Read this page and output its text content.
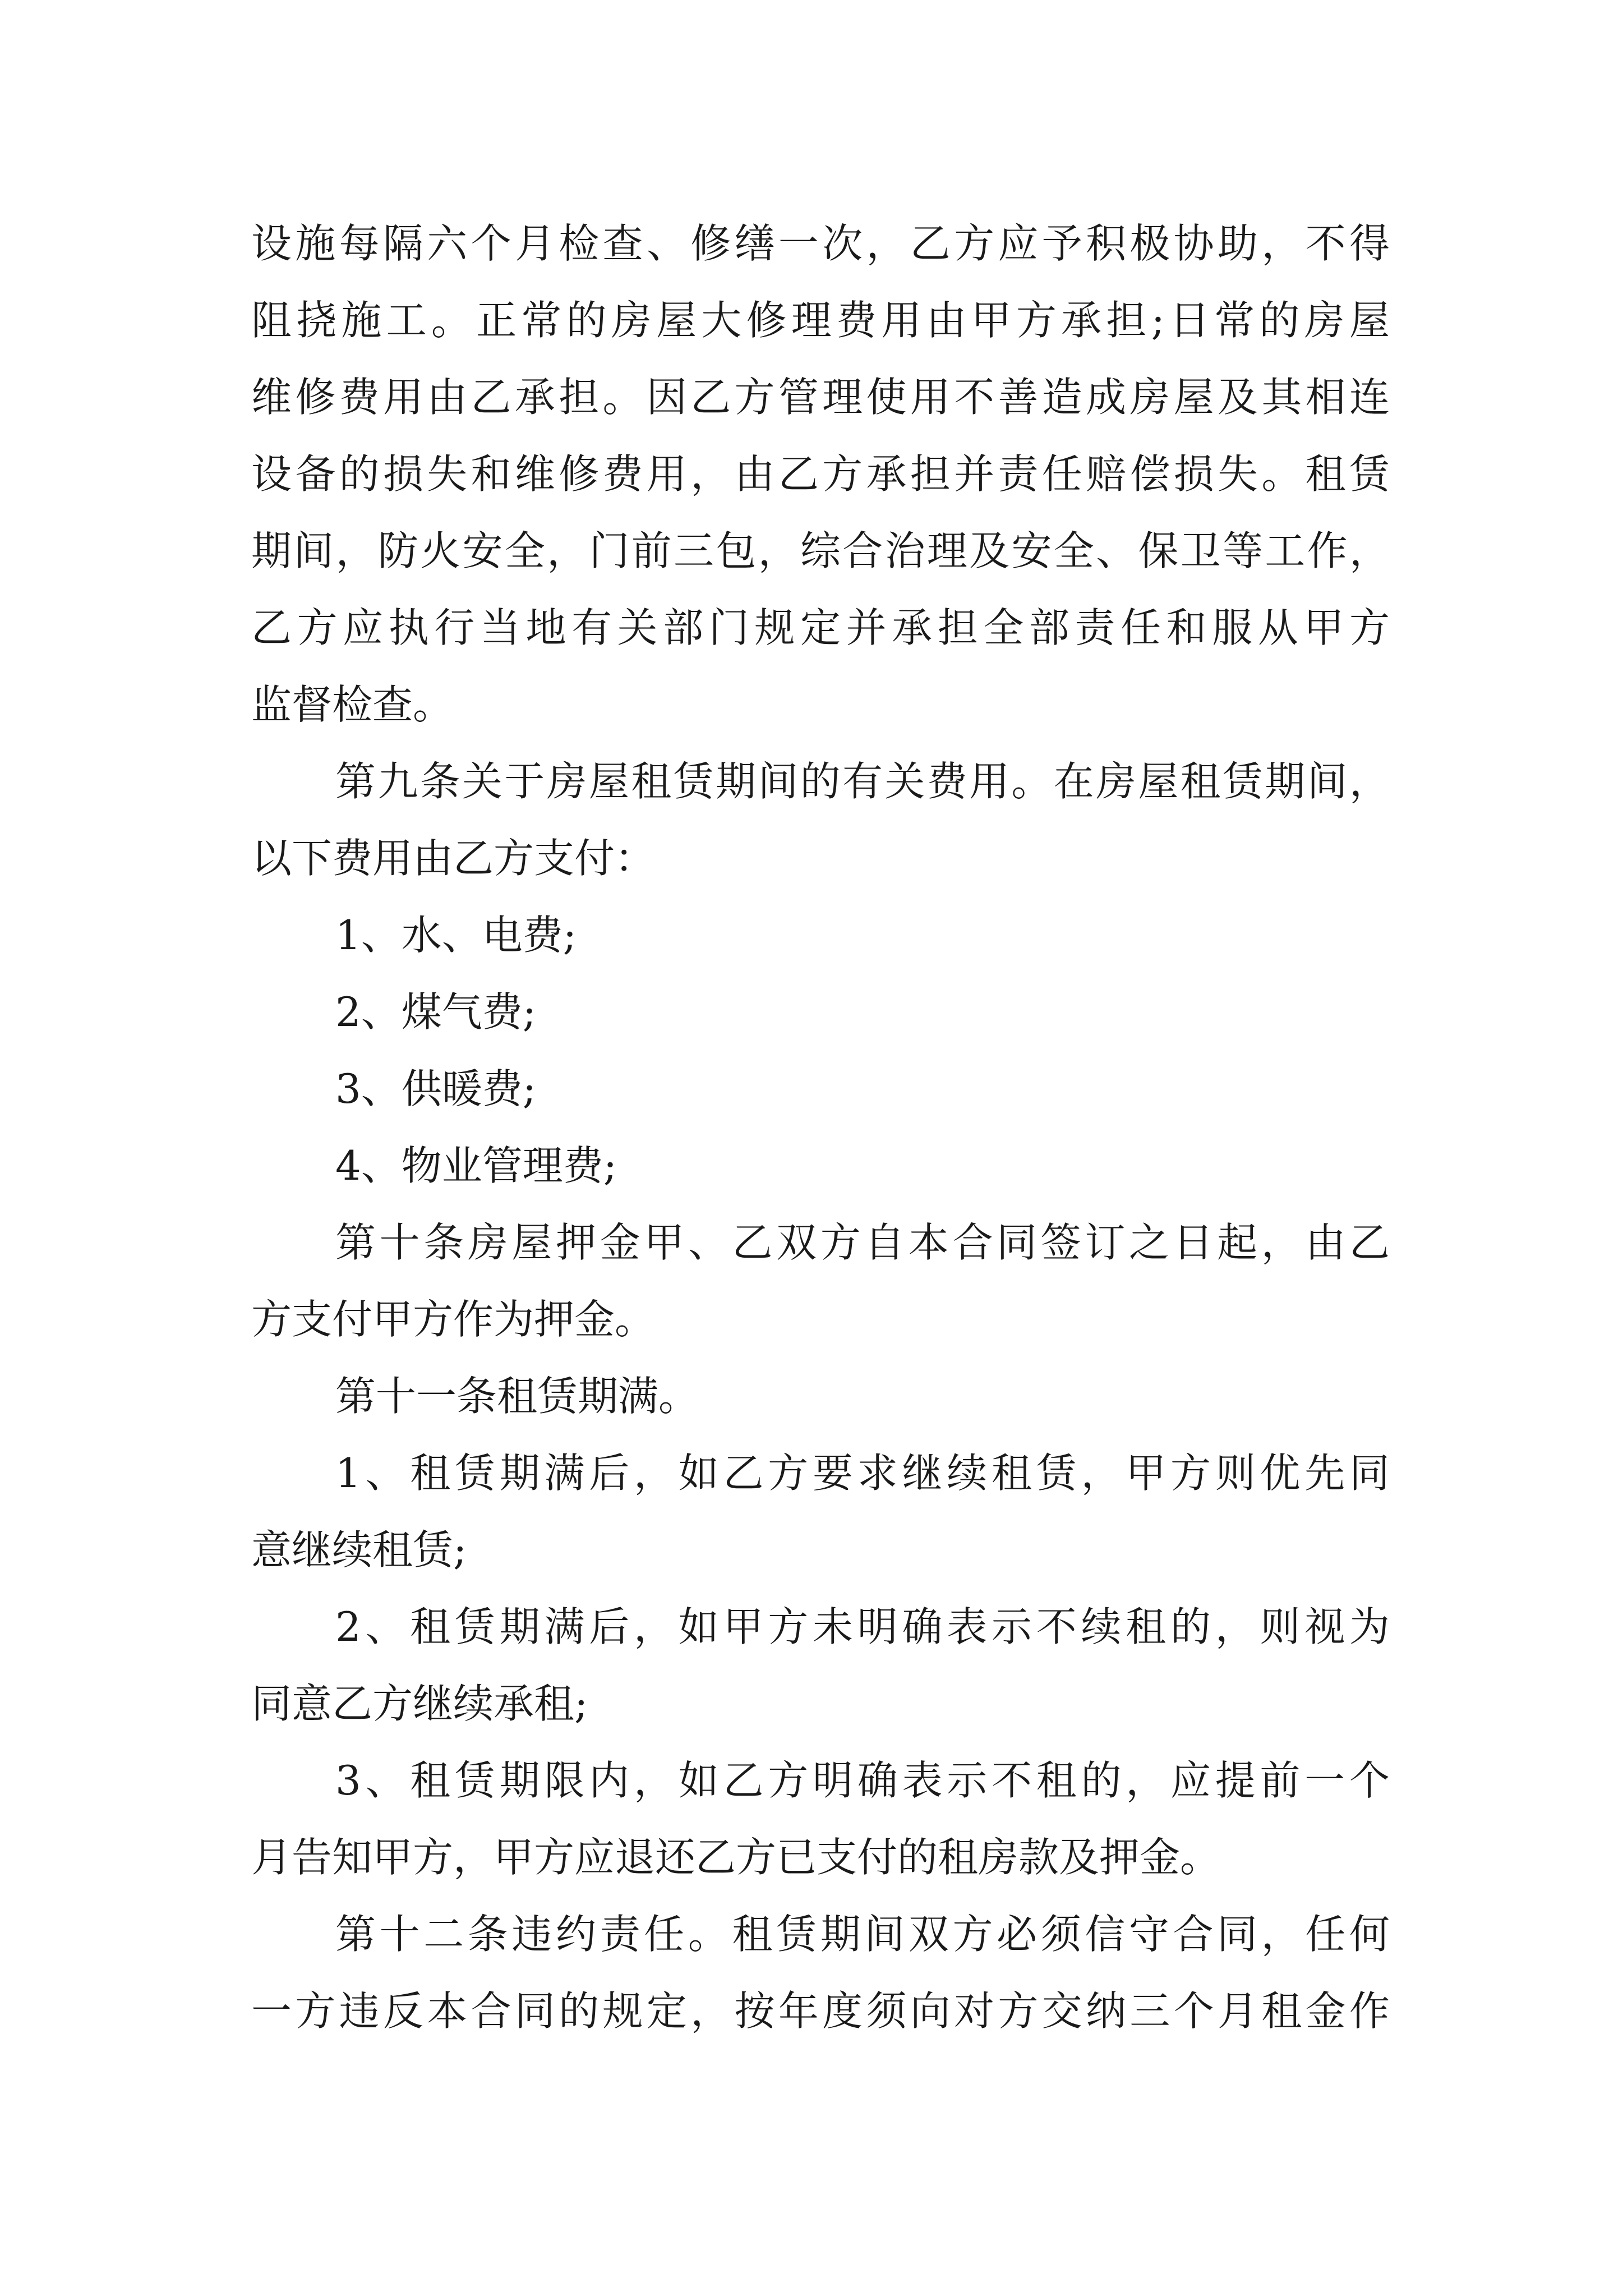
设施每隔六个月检查、修缮一次，乙方应予积极协助，不得
阻挠施工。正常的房屋大修理费用由甲方承担;日常的房屋
维修费用由乙承担。因乙方管理使用不善造成房屋及其相连
设备的损失和维修费用，由乙方承担并责任赔偿损失。租赁
期间，防火安全，门前三包，综合治理及安全、保卫等工作，
乙方应执行当地有关部门规定并承担全部责任和服从甲方
监督检查。
第九条关于房屋租赁期间的有关费用。在房屋租赁期间，
以下费用由乙方支付：
1、水、电费;
2、煤气费;
3、供暖费;
4、物业管理费;
第十条房屋押金甲、乙双方自本合同签订之日起，由乙
方支付甲方作为押金。
第十一条租赁期满。
1、租赁期满后，如乙方要求继续租赁，甲方则优先同
意继续租赁;
2、租赁期满后，如甲方未明确表示不续租的，则视为
同意乙方继续承租;
3、租赁期限内，如乙方明确表示不租的，应提前一个
月告知甲方，甲方应退还乙方已支付的租房款及押金。
第十二条违约责任。租赁期间双方必须信守合同，任何
一方违反本合同的规定，按年度须向对方交纳三个月租金作
